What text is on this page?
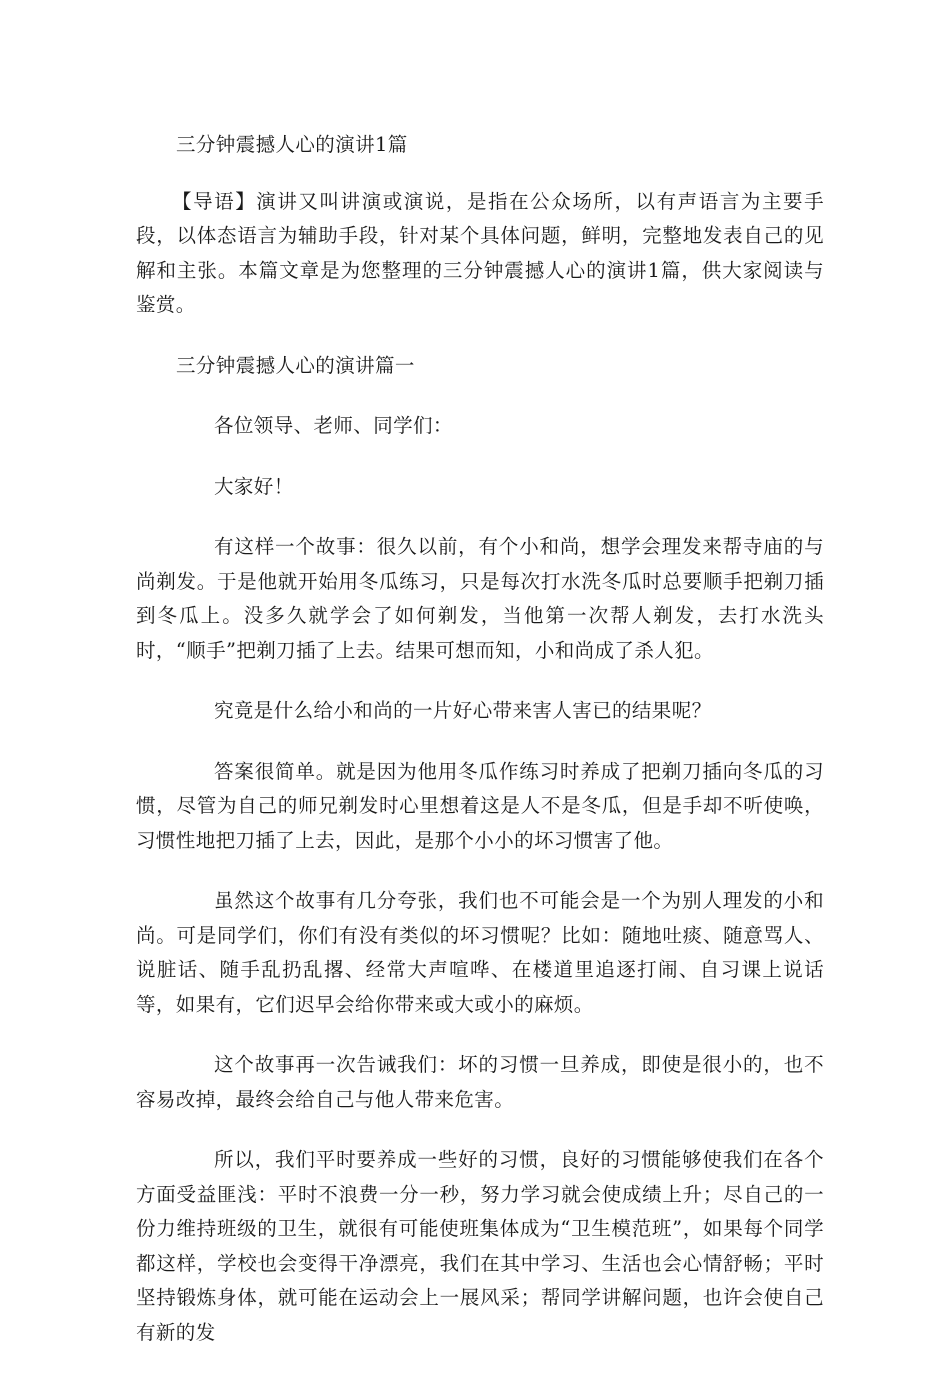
三分钟震撼人心的演讲1篇

【导语】演讲又叫讲演或演说，是指在公众场所，以有声语言为主要手段，以体态语言为辅助手段，针对某个具体问题，鲜明，完整地发表自己的见解和主张。本篇文章是为您整理的三分钟震撼人心的演讲1篇，供大家阅读与鉴赏。

三分钟震撼人心的演讲篇一

各位领导、老师、同学们：

大家好！

有这样一个故事：很久以前，有个小和尚，想学会理发来帮寺庙的与尚剃发。于是他就开始用冬瓜练习，只是每次打水洗冬瓜时总要顺手把剃刀插到冬瓜上。没多久就学会了如何剃发，当他第一次帮人剃发，去打水洗头时，“顺手”把剃刀插了上去。结果可想而知，小和尚成了杀人犯。

究竟是什么给小和尚的一片好心带来害人害已的结果呢？

答案很简单。就是因为他用冬瓜作练习时养成了把剃刀插向冬瓜的习惯，尽管为自己的师兄剃发时心里想着这是人不是冬瓜，但是手却不听使唤，习惯性地把刀插了上去，因此，是那个小小的坏习惯害了他。

虽然这个故事有几分夸张，我们也不可能会是一个为别人理发的小和尚。可是同学们，你们有没有类似的坏习惯呢？比如：随地吐痰、随意骂人、说脏话、随手乱扔乱撂、经常大声喧哗、在楼道里追逐打闹、自习课上说话等，如果有，它们迟早会给你带来或大或小的麻烦。

这个故事再一次告诫我们：坏的习惯一旦养成，即使是很小的，也不容易改掉，最终会给自己与他人带来危害。

所以，我们平时要养成一些好的习惯，良好的习惯能够使我们在各个方面受益匪浅：平时不浪费一分一秒，努力学习就会使成绩上升；尽自己的一份力维持班级的卫生，就很有可能使班集体成为“卫生模范班”，如果每个同学都这样，学校也会变得干净漂亮，我们在其中学习、生活也会心情舒畅；平时坚持锻炼身体，就可能在运动会上一展风采；帮同学讲解问题，也许会使自己有新的发
